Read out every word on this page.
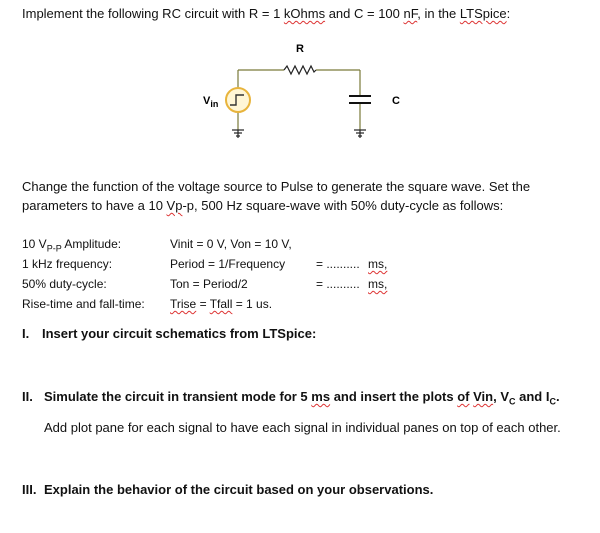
Implement the following RC circuit with R = 1 kOhms and C = 100 nF, in the LTSpice:
R
C
$V_{in}$
Change the function of the voltage source to Pulse to generate the square wave. Set the
parameters to have a 10 Vp-p, 500 Hz square-wave with 50% duty-cycle as follows:
10 $V_{P-P}$ Amplitude:	Vinit = 0 V, Von = 10 V,
1 kHz frequency:	Period = 1/Frequency	= .......... ms,
50% duty-cycle:	Ton = Period/2	= .......... ms,
Rise-time and fall-time: Trise = Tfall = 1 us.
I. Insert your circuit schematics from LTSpice:
II. Simulate the circuit in transient mode for 5 ms and insert the plots of Vin, $V_C$ and $I_C$.
Add plot pane for each signal to have each signal in individual panes on top of each other.
III. Explain the behavior of the circuit based on your observations.
